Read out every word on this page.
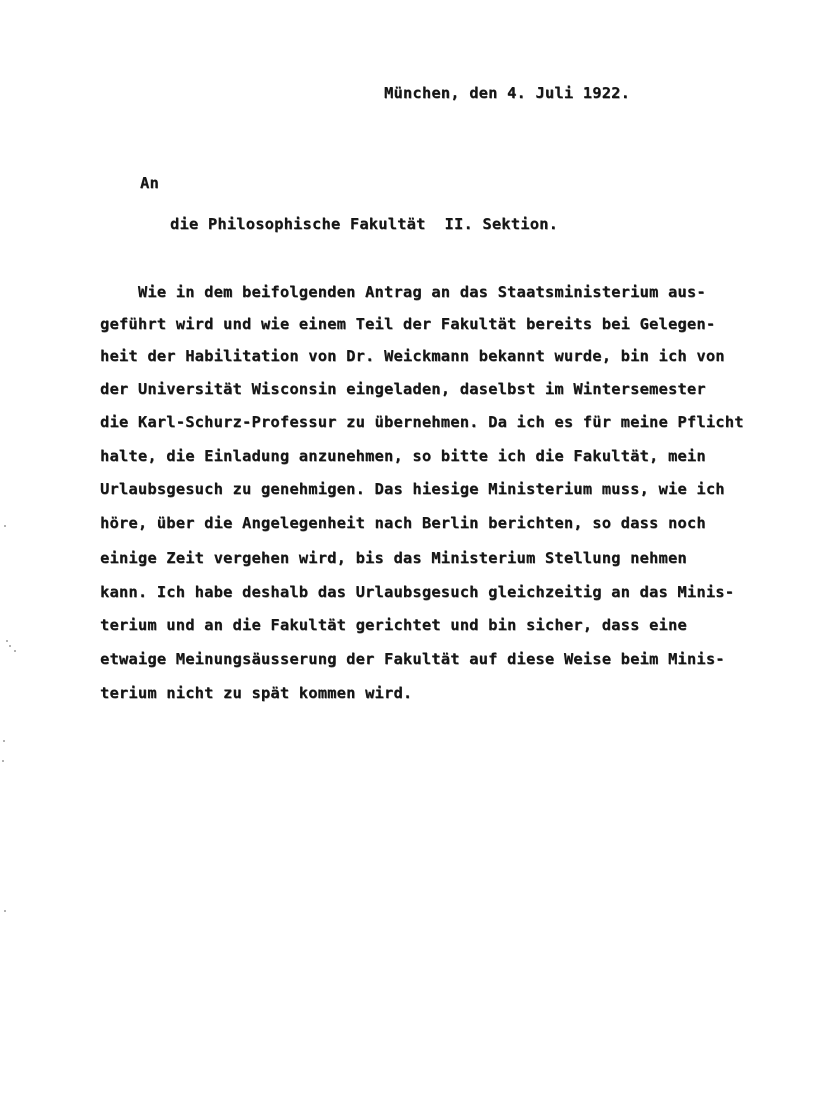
München, den 4. Juli 1922.

An

die Philosophische Fakultät  II. Sektion.

Wie in dem beifolgenden Antrag an das Staatsministerium aus-

geführt wird und wie einem Teil der Fakultät bereits bei Gelegen-

heit der Habilitation von Dr. Weickmann bekannt wurde, bin ich von

der Universität Wisconsin eingeladen, daselbst im Wintersemester

die Karl-Schurz-Professur zu übernehmen. Da ich es für meine Pflicht

halte, die Einladung anzunehmen, so bitte ich die Fakultät, mein

Urlaubsgesuch zu genehmigen. Das hiesige Ministerium muss, wie ich

höre, über die Angelegenheit nach Berlin berichten, so dass noch

einige Zeit vergehen wird, bis das Ministerium Stellung nehmen

kann. Ich habe deshalb das Urlaubsgesuch gleichzeitig an das Minis-

terium und an die Fakultät gerichtet und bin sicher, dass eine

etwaige Meinungsäusserung der Fakultät auf diese Weise beim Minis-

terium nicht zu spät kommen wird.
